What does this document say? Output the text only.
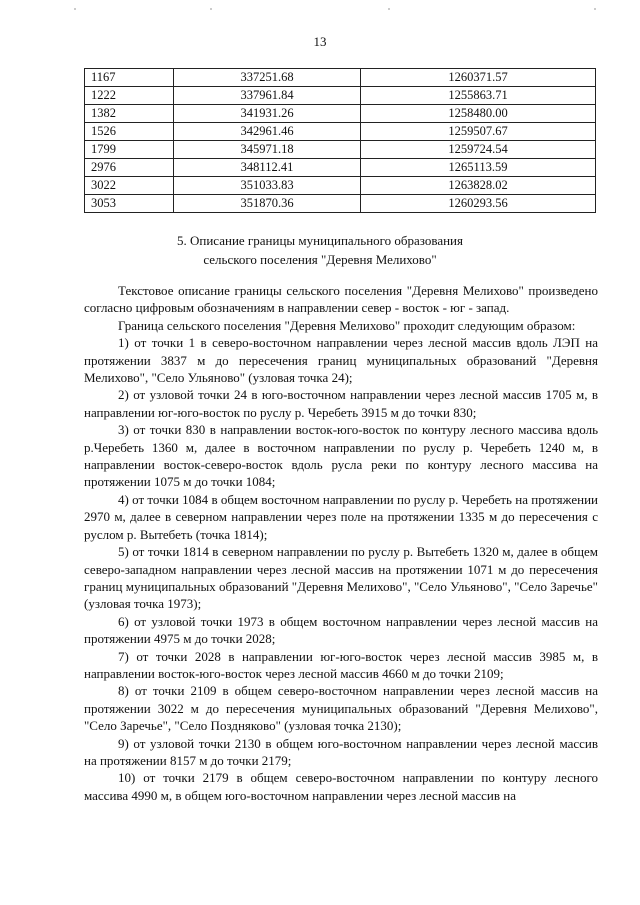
13
1167	337251.68	1260371.57
1222	337961.84	1255863.71
1382	341931.26	1258480.00
1526	342961.46	1259507.67
1799	345971.18	1259724.54
2976	348112.41	1265113.59
3022	351033.83	1263828.02
3053	351870.36	1260293.56
5. Описание границы муниципального образования
сельского поселения "Деревня Мелихово"

Текстовое описание границы сельского поселения "Деревня Мелихово" произведено согласно цифровым обозначениям в направлении север - восток - юг - запад.

Граница сельского поселения "Деревня Мелихово" проходит следующим образом:

1) от точки 1 в северо-восточном направлении через лесной массив вдоль ЛЭП на протяжении 3837 м до пересечения границ муниципальных образований "Деревня Мелихово", "Село Ульяново" (узловая точка 24);

2) от узловой точки 24 в юго-восточном направлении через лесной массив 1705 м, в направлении юг-юго-восток по руслу р. Черебеть 3915 м до точки 830;

3) от точки 830 в направлении восток-юго-восток по контуру лесного массива вдоль р.Черебеть 1360 м, далее в восточном направлении по руслу р. Черебеть 1240 м, в направлении восток-северо-восток вдоль русла реки по контуру лесного массива на протяжении 1075 м до точки 1084;

4) от точки 1084 в общем восточном направлении по руслу р. Черебеть на протяжении 2970 м, далее в северном направлении через поле на протяжении 1335 м до пересечения с руслом р. Вытебеть (точка 1814);

5) от точки 1814 в северном направлении по руслу р. Вытебеть 1320 м, далее в общем северо-западном направлении через лесной массив на протяжении 1071 м до пересечения границ муниципальных образований "Деревня Мелихово", "Село Ульяново", "Село Заречье" (узловая точка 1973);

6) от узловой точки 1973 в общем восточном направлении через лесной массив на протяжении 4975 м до точки 2028;

7) от точки 2028 в направлении юг-юго-восток через лесной массив 3985 м, в направлении восток-юго-восток через лесной массив 4660 м до точки 2109;

8) от точки 2109 в общем северо-восточном направлении через лесной массив на протяжении 3022 м до пересечения муниципальных образований "Деревня Мелихово", "Село Заречье", "Село Поздняково" (узловая точка 2130);

9) от узловой точки 2130 в общем юго-восточном направлении через лесной массив на протяжении 8157 м до точки 2179;

10) от точки 2179 в общем северо-восточном направлении по контуру лесного массива 4990 м, в общем юго-восточном направлении через лесной массив на
